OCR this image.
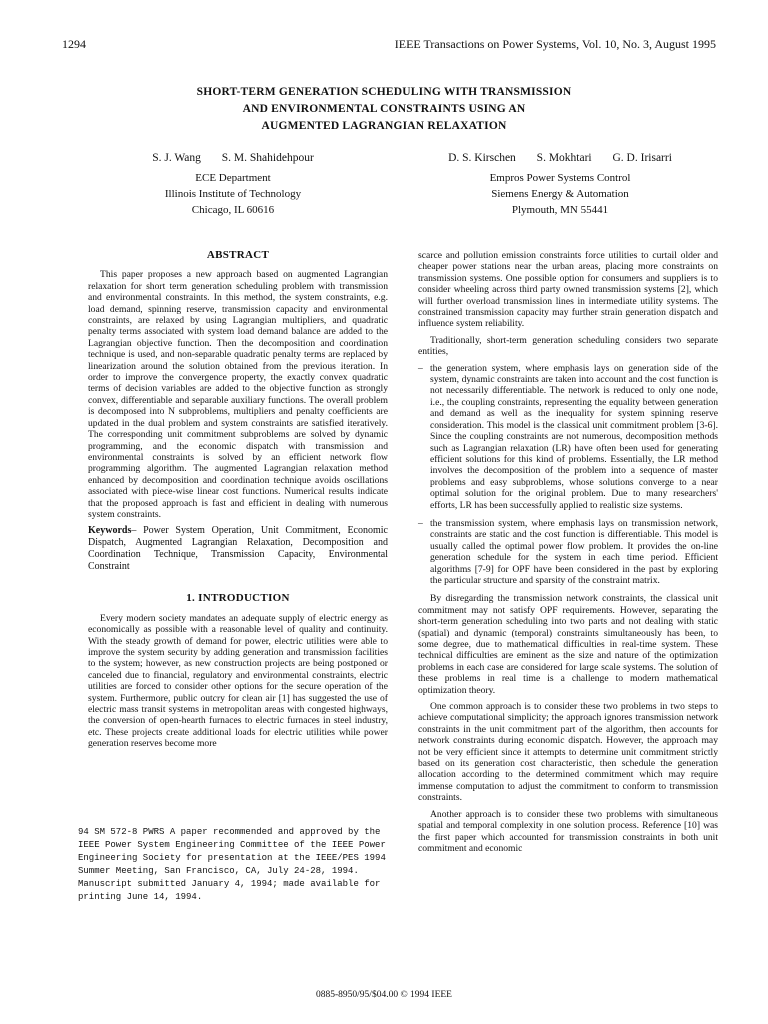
1294	IEEE Transactions on Power Systems, Vol. 10, No. 3, August 1995
SHORT-TERM GENERATION SCHEDULING WITH TRANSMISSION
AND ENVIRONMENTAL CONSTRAINTS USING AN
AUGMENTED LAGRANGIAN RELAXATION
S. J. Wang S. M. Shahidehpour
ECE Department
Illinois Institute of Technology
Chicago, IL 60616
D. S. Kirschen S. Mokhtari G. D. Irisarri
Empros Power Systems Control
Siemens Energy & Automation
Plymouth, MN 55441
ABSTRACT

This paper proposes a new approach based on augmented Lagrangian relaxation for short term generation scheduling problem with transmission and environmental constraints. In this method, the system constraints, e.g. load demand, spinning reserve, transmission capacity and environmental constraints, are relaxed by using Lagrangian multipliers, and quadratic penalty terms associated with system load demand balance are added to the Lagrangian objective function. Then the decomposition and coordination technique is used, and non-separable quadratic penalty terms are replaced by linearization around the solution obtained from the previous iteration. In order to improve the convergence property, the exactly convex quadratic terms of decision variables are added to the objective function as strongly convex, differentiable and separable auxiliary functions. The overall problem is decomposed into N subproblems, multipliers and penalty coefficients are updated in the dual problem and system constraints are satisfied iteratively. The corresponding unit commitment subproblems are solved by dynamic programming, and the economic dispatch with transmission and environmental constraints is solved by an efficient network flow programming algorithm. The augmented Lagrangian relaxation method enhanced by decomposition and coordination technique avoids oscillations associated with piece-wise linear cost functions. Numerical results indicate that the proposed approach is fast and efficient in dealing with numerous system constraints.

Keywords– Power System Operation, Unit Commitment, Economic Dispatch, Augmented Lagrangian Relaxation, Decomposition and Coordination Technique, Transmission Capacity, Environmental Constraint
1. INTRODUCTION

Every modern society mandates an adequate supply of electric energy as economically as possible with a reasonable level of quality and continuity. With the steady growth of demand for power, electric utilities were able to improve the system security by adding generation and transmission facilities to the system; however, as new construction projects are being postponed or canceled due to financial, regulatory and environmental constraints, electric utilities are forced to consider other options for the secure operation of the system. Furthermore, public outcry for clean air [1] has suggested the use of electric mass transit systems in metropolitan areas with congested highways, the conversion of open-hearth furnaces to electric furnaces in steel industry, etc. These projects create additional loads for electric utilities while power generation reserves become more

94 SM 572-8 PWRS A paper recommended and approved by the IEEE Power System Engineering Committee of the IEEE Power Engineering Society for presentation at the IEEE/PES 1994 Summer Meeting, San Francisco, CA, July 24-28, 1994. Manuscript submitted January 4, 1994; made available for printing June 14, 1994.

scarce and pollution emission constraints force utilities to curtail older and cheaper power stations near the urban areas, placing more constraints on transmission systems. One possible option for consumers and suppliers is to consider wheeling across third party owned transmission systems [2], which will further overload transmission lines in intermediate utility systems. The constrained transmission capacity may further strain generation dispatch and influence system reliability.

Traditionally, short-term generation scheduling considers two separate entities,

– the generation system, where emphasis lays on generation side of the system, dynamic constraints are taken into account and the cost function is not necessarily differentiable. The network is reduced to only one node, i.e., the coupling constraints, representing the equality between generation and demand as well as the inequality for system spinning reserve consideration. This model is the classical unit commitment problem [3-6]. Since the coupling constraints are not numerous, decomposition methods such as Lagrangian relaxation (LR) have often been used for generating efficient solutions for this kind of problems. Essentially, the LR method involves the decomposition of the problem into a sequence of master problems and easy subproblems, whose solutions converge to a near optimal solution for the original problem. Due to many researchers' efforts, LR has been successfully applied to realistic size systems.
– the transmission system, where emphasis lays on transmission network, constraints are static and the cost function is differentiable. This model is usually called the optimal power flow problem. It provides the on-line generation schedule for the system in each time period. Efficient algorithms [7-9] for OPF have been considered in the past by exploring the particular structure and sparsity of the constraint matrix.

By disregarding the transmission network constraints, the classical unit commitment may not satisfy OPF requirements. However, separating the short-term generation scheduling into two parts and not dealing with static (spatial) and dynamic (temporal) constraints simultaneously has been, to some degree, due to mathematical difficulties in real-time system. These technical difficulties are eminent as the size and nature of the optimization problems in each case are considered for large scale systems. The solution of these problems in real time is a challenge to modern mathematical optimization theory.

One common approach is to consider these two problems in two steps to achieve computational simplicity; the approach ignores transmission network constraints in the unit commitment part of the algorithm, then accounts for network constraints during economic dispatch. However, the approach may not be very efficient since it attempts to determine unit commitment strictly based on its generation cost characteristic, then schedule the generation allocation according to the determined commitment which may require immense computation to adjust the commitment to conform to transmission constraints.

Another approach is to consider these two problems with simultaneous spatial and temporal complexity in one solution process. Reference [10] was the first paper which accounted for transmission constraints in both unit commitment and economic

0885-8950/95/$04.00 © 1994 IEEE
